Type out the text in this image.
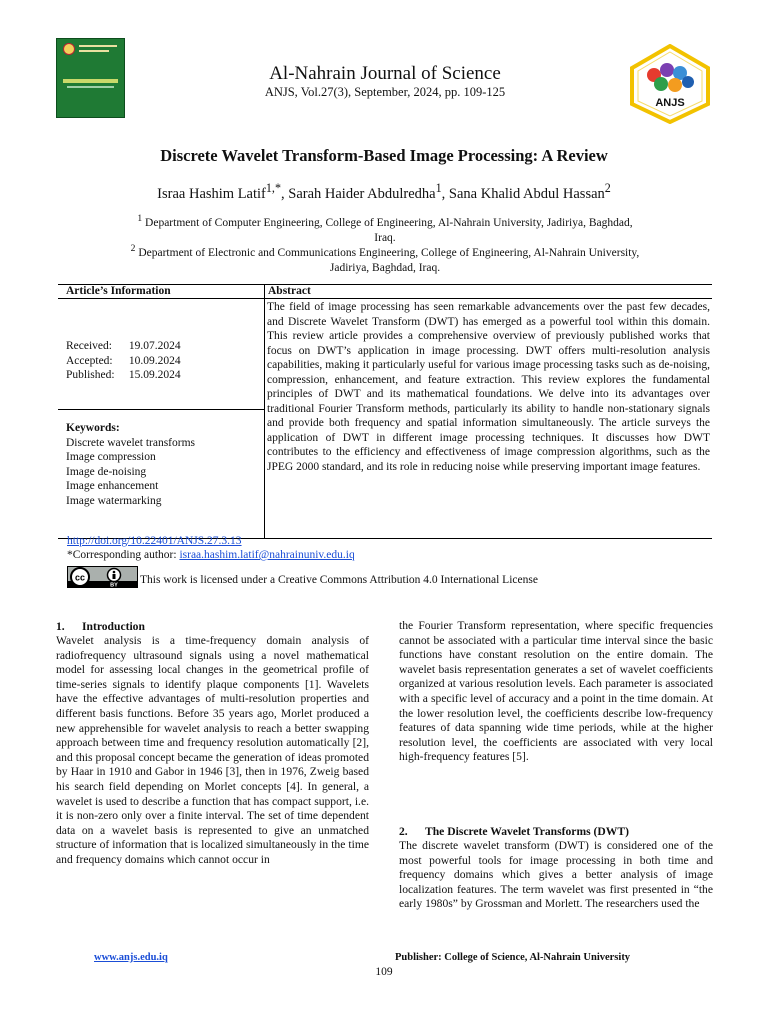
Al-Nahrain Journal of Science
ANJS, Vol.27(3), September, 2024, pp. 109-125
ANJS
Discrete Wavelet Transform-Based Image Processing: A Review
Israa Hashim Latif$^{1,*}$, Sarah Haider Abdulredha$^1$, Sana Khalid Abdul Hassan$^2$
$^1$ Department of Computer Engineering, College of Engineering, Al-Nahrain University, Jadiriya, Baghdad,
Iraq.
$^2$ Department of Electronic and Communications Engineering, College of Engineering, Al-Nahrain University,
Jadiriya, Baghdad, Iraq.
Article’s Information	Abstract
Received: 19.07.2024
Accepted: 10.09.2024
Published: 15.09.2024
Keywords:
Discrete wavelet transforms
Image compression
Image de-noising
Image enhancement
Image watermarking
The field of image processing has seen remarkable advancements over the past few decades, and Discrete Wavelet Transform (DWT) has emerged as a powerful tool within this domain. This review article provides a comprehensive overview of previously published works that focus on DWT’s application in image processing. DWT offers multi-resolution analysis capabilities, making it particularly useful for various image processing tasks such as de-noising, compression, enhancement, and feature extraction. This review explores the fundamental principles of DWT and its mathematical foundations. We delve into its advantages over traditional Fourier Transform methods, particularly its ability to handle non-stationary signals and provide both frequency and spatial information simultaneously. The article surveys the application of DWT in different image processing techniques. It discusses how DWT contributes to the efficiency and effectiveness of image compression algorithms, such as the JPEG 2000 standard, and its role in reducing noise while preserving important image features.
http://doi.org/10.22401/ANJS.27.3.13
*Corresponding author: israa.hashim.latif@nahrainuniv.edu.iq
cc
BY This work is licensed under a Creative Commons Attribution 4.0 International License
1. Introduction
Wavelet analysis is a time-frequency domain analysis of radiofrequency ultrasound signals using a novel mathematical model for assessing local changes in the geometrical profile of time-series signals to identify plaque components [1]. Wavelets have the effective advantages of multi-resolution properties and different basis functions. Before 35 years ago, Morlet produced a new apprehensible for wavelet analysis to reach a better swapping approach between time and frequency resolution automatically [2], and this proposal concept became the generation of ideas promoted by Haar in 1910 and Gabor in 1946 [3], then in 1976, Zweig based his search field depending on Morlet concepts [4]. In general, a wavelet is used to describe a function that has compact support, i.e. it is non-zero only over a finite interval. The set of time dependent data on a wavelet basis is represented to give an unmatched structure of information that is localized simultaneously in the time and frequency domains which cannot occur in
the Fourier Transform representation, where specific frequencies cannot be associated with a particular time interval since the basic functions have constant resolution on the entire domain. The wavelet basis representation generates a set of wavelet coefficients organized at various resolution levels. Each parameter is associated with a specific level of accuracy and a point in the time domain. At the lower resolution level, the coefficients describe low-frequency features of data spanning wide time periods, while at the higher resolution level, the coefficients are associated with very local high-frequency features [5].
2. The Discrete Wavelet Transforms (DWT)
The discrete wavelet transform (DWT) is considered one of the most powerful tools for image processing in both time and frequency domains which gives a better analysis of image localization features. The term wavelet was first presented in “the early 1980s” by Grossman and Morlett. The researchers used the
www.anjs.edu.iq	Publisher: College of Science, Al-Nahrain University
109
